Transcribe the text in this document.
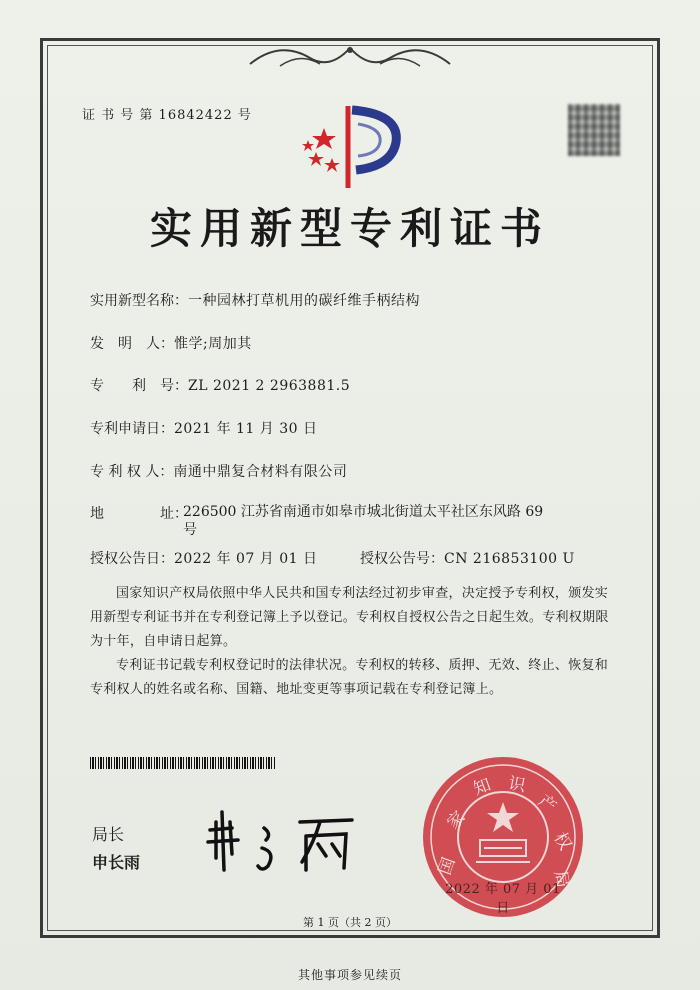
证 书 号 第 16842422 号
实用新型专利证书
实用新型名称：一种园林打草机用的碳纤维手柄结构
发　明　人：惟学;周加其
专　　利　号：ZL 2021 2 2963881.5
专利申请日：2021 年 11 月 30 日
专 利 权 人：南通中鼎复合材料有限公司
地　　　　址：
226500 江苏省南通市如皋市城北街道太平社区东风路 69 号
授权公告日：2022 年 07 月 01 日	授权公告号：CN 216853100 U
国家知识产权局依照中华人民共和国专利法经过初步审查，决定授予专利权，颁发实用新型专利证书并在专利登记簿上予以登记。专利权自授权公告之日起生效。专利权期限为十年，自申请日起算。
专利证书记载专利权登记时的法律状况。专利权的转移、质押、无效、终止、恢复和专利权人的姓名或名称、国籍、地址变更等事项记载在专利登记簿上。
局长
申长雨	国
家
知 识
产
权
局
2022 年 07 月 01 日
第 1 页（共 2 页）
其他事项参见续页
